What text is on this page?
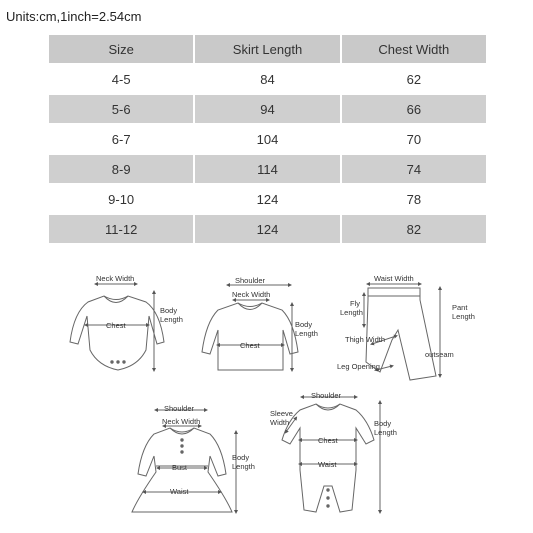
Units:cm,1inch=2.54cm
Size	Skirt Length	Chest Width
4-5	84	62
5-6	94	66
6-7	104	70
8-9	114	74
9-10	124	78
11-12	124	82
Neck Width
Chest
Body
Length
Shoulder
Neck Width
Chest
Body
Length
Waist Width
Fly
Length
Pant
Length
Thigh Width
outseam
Leg Opening
Shoulder
Neck Width
Bust
Waist
Body
Length
Shoulder
Sleeve
Width
Chest
Waist
Body
Length
